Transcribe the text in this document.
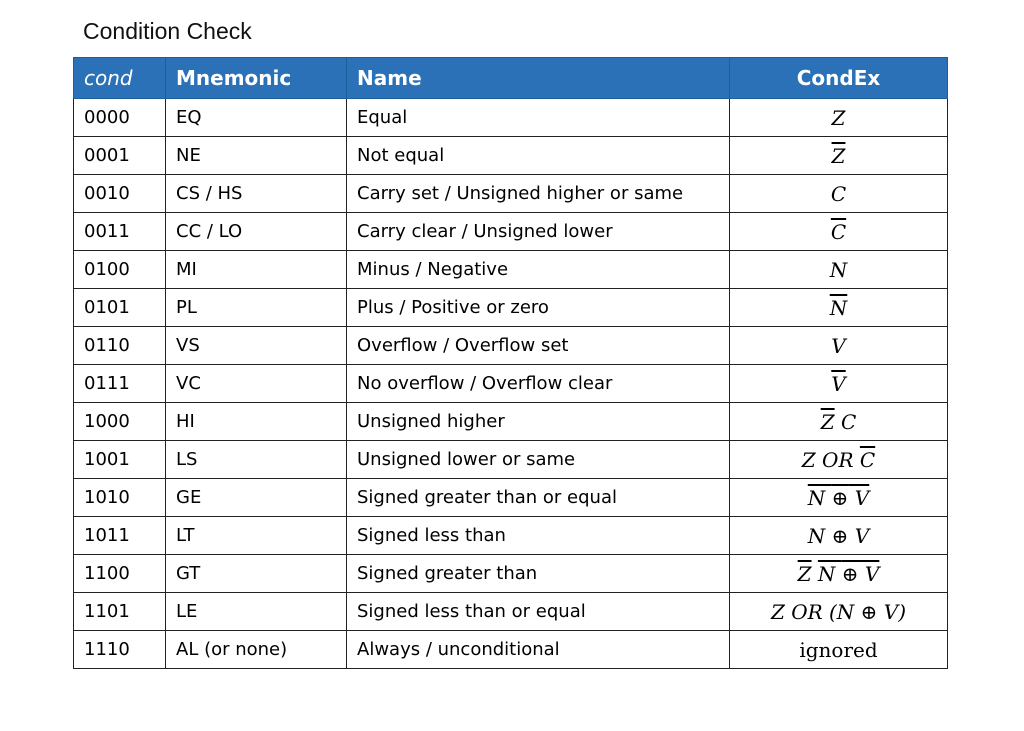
Condition Check
cond	Mnemonic	Name	CondEx
0000	EQ	Equal	Z
0001	NE	Not equal	$\overline{Z}$
0010	CS / HS	Carry set / Unsigned higher or same	C
0011	CC / LO	Carry clear / Unsigned lower	$\overline{C}$
0100	MI	Minus / Negative	N
0101	PL	Plus / Positive or zero	$\overline{N}$
0110	VS	Overflow / Overflow set	V
0111	VC	No overflow / Overflow clear	$\overline{V}$
1000	HI	Unsigned higher	$\overline{Z}$ C
1001	LS	Unsigned lower or same	Z OR $\overline{C}$
1010	GE	Signed greater than or equal	N ⊕ V
1011	LT	Signed less than	N ⊕ V
1100	GT	Signed greater than	$\overline{Z}$ N ⊕ V
1101	LE	Signed less than or equal	Z OR (N ⊕ V)
1110	AL (or none)	Always / unconditional	ignored
